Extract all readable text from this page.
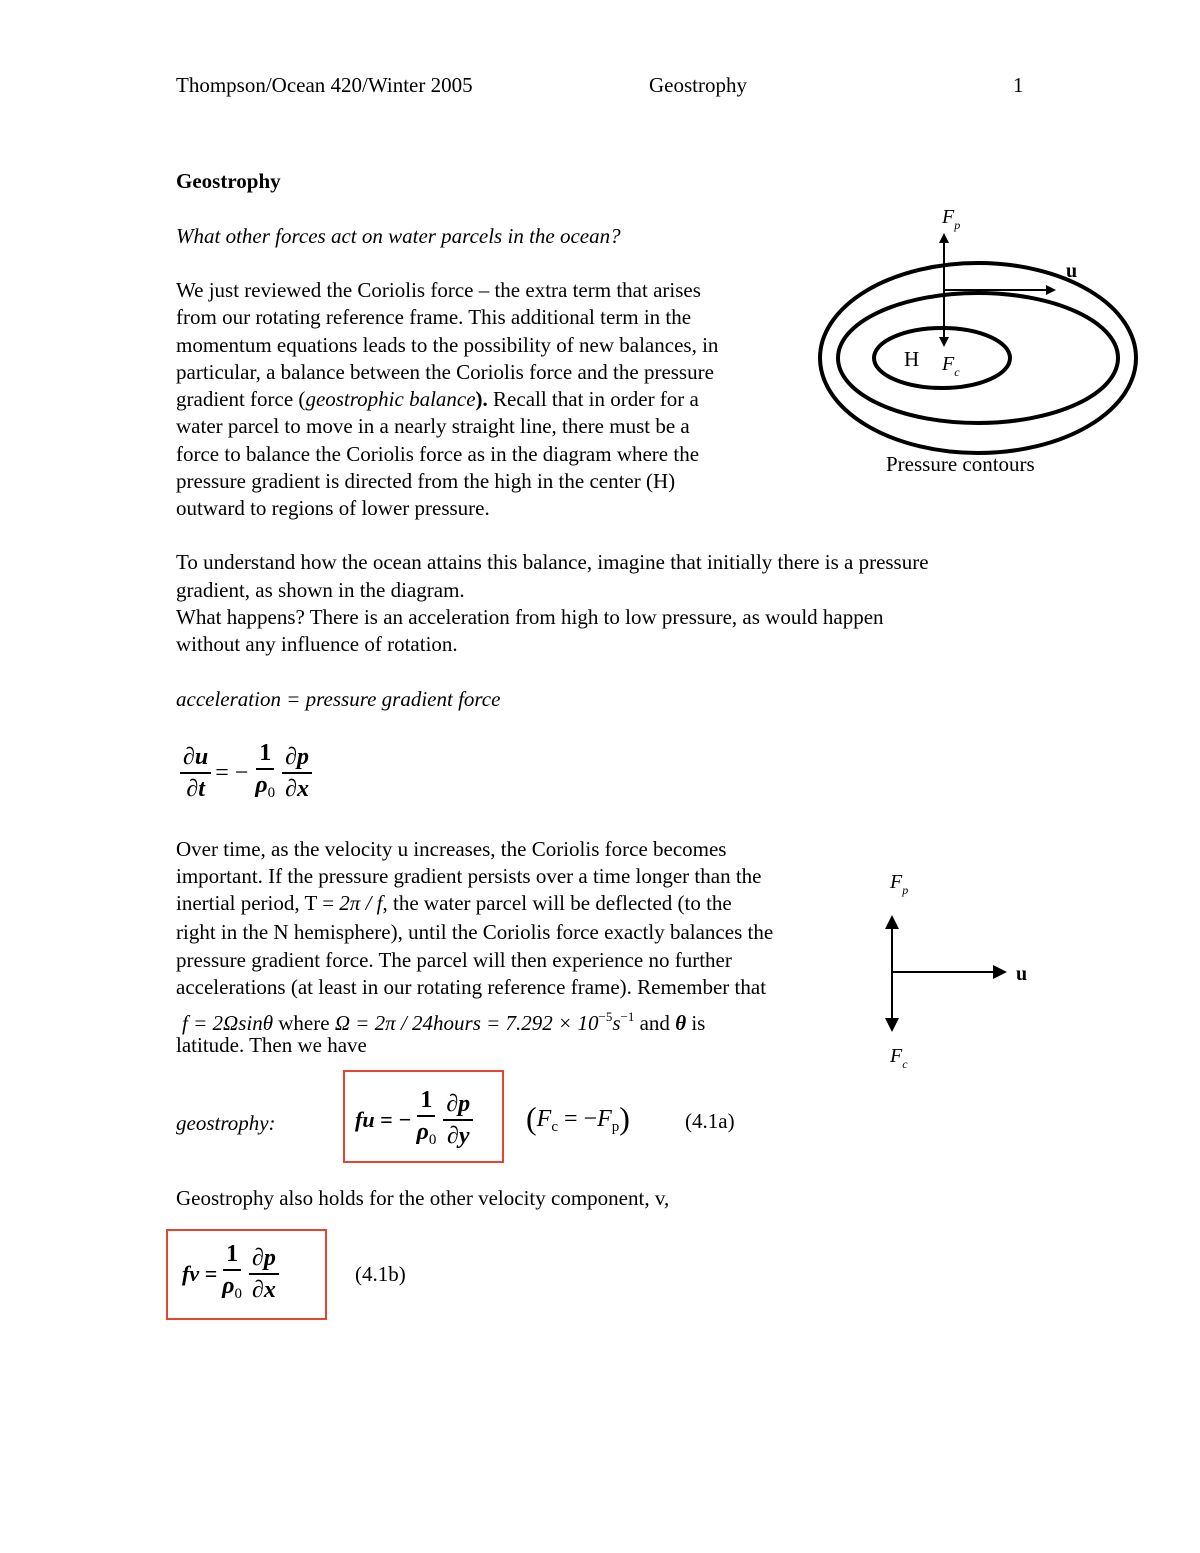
Thompson/Ocean 420/Winter 2005	Geostrophy	1
Geostrophy
What other forces act on water parcels in the ocean?
We just reviewed the Coriolis force – the extra term that arises
from our rotating reference frame. This additional term in the
momentum equations leads to the possibility of new balances, in
particular, a balance between the Coriolis force and the pressure
gradient force (geostrophic balance). Recall that in order for a
water parcel to move in a nearly straight line, there must be a
force to balance the Coriolis force as in the diagram where the
pressure gradient is directed from the high in the center (H)
outward to regions of lower pressure.
$F_p$
u
H $F_c$
Pressure contours
To understand how the ocean attains this balance, imagine that initially there is a pressure
gradient, as shown in the diagram.
What happens? There is an acceleration from high to low pressure, as would happen
without any influence of rotation.
acceleration = pressure gradient force
$\frac{\partial u}{\partial t}$ = − $\frac{1}{\rho_0} \frac{\partial p}{\partial x}$
Over time, as the velocity u increases, the Coriolis force becomes
important. If the pressure gradient persists over a time longer than the
inertial period, T = 2π / f, the water parcel will be deflected (to the
right in the N hemisphere), until the Coriolis force exactly balances the
pressure gradient force. The parcel will then experience no further
accelerations (at least in our rotating reference frame). Remember that
f = 2Ωsinθ where Ω = 2π / 24hours = $7.292 \times 10^{-5}s^{-1}$ and θ is
latitude. Then we have
$F_p$
u
$F_c$
geostrophy:	fu = − $\frac{1}{\rho_0} \frac{\partial p}{\partial y} (F_c = -F_p)$	(4.1a)
Geostrophy also holds for the other velocity component, v,
fv = $\frac{1}{\rho_0} \frac{\partial p}{\partial x}$	(4.1b)
